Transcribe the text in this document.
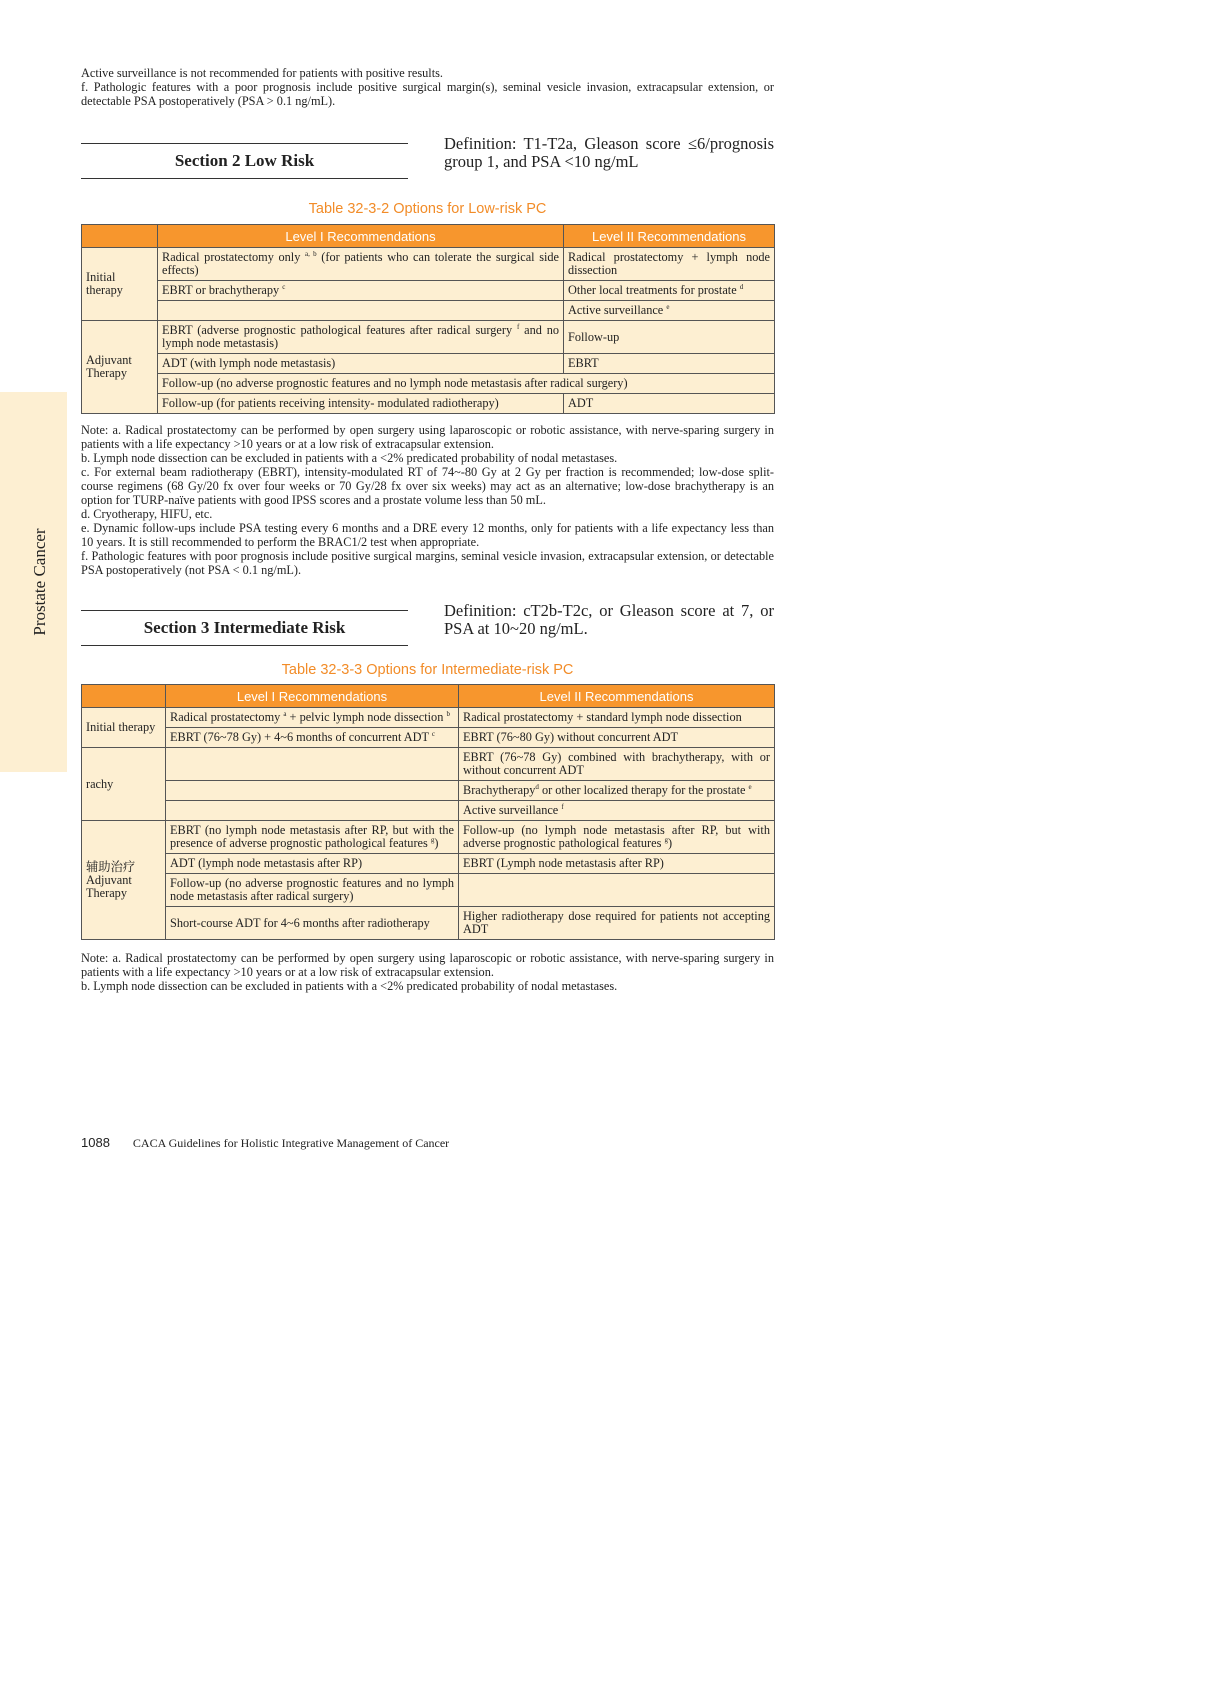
Prostate Cancer

Active surveillance is not recommended for patients with positive results.

f. Pathologic features with a poor prognosis include positive surgical margin(s), seminal vesicle invasion, extracapsular extension, or detectable PSA postoperatively (PSA > 0.1 ng/mL).

Section 2 Low Risk
Definition: T1-T2a, Gleason score ≤6/prognosis group 1, and PSA <10 ng/mL
Table 32-3-2 Options for Low-risk PC
	Level I Recommendations	Level II Recommendations
Initial therapy	Radical prostatectomy only $^{a, b}$ (for patients who can tolerate the surgical side effects)	Radical prostatectomy + lymph node dissection
	EBRT or brachytherapy $^c$	Other local treatments for prostate $^d$
		Active surveillance $^e$
Adjuvant Therapy	EBRT (adverse prognostic pathological features after radical surgery $^f$ and no lymph node metastasis)	Follow-up
	ADT (with lymph node metastasis)	EBRT
	Follow-up (no adverse prognostic features and no lymph node metastasis after radical surgery)	
	Follow-up (for patients receiving intensity- modulated radiotherapy)	ADT

Note: a. Radical prostatectomy can be performed by open surgery using laparoscopic or robotic assistance, with nerve-sparing surgery in patients with a life expectancy >10 years or at a low risk of extracapsular extension.

b. Lymph node dissection can be excluded in patients with a <2% predicated probability of nodal metastases.

c. For external beam radiotherapy (EBRT), intensity-modulated RT of 74~-80 Gy at 2 Gy per fraction is recommended; low-dose split-course regimens (68 Gy/20 fx over four weeks or 70 Gy/28 fx over six weeks) may act as an alternative; low-dose brachytherapy is an option for TURP-naïve patients with good IPSS scores and a prostate volume less than 50 mL.

d. Cryotherapy, HIFU, etc.

e. Dynamic follow-ups include PSA testing every 6 months and a DRE every 12 months, only for patients with a life expectancy less than 10 years. It is still recommended to perform the BRAC1/2 test when appropriate.

f. Pathologic features with poor prognosis include positive surgical margins, seminal vesicle invasion, extracapsular extension, or detectable PSA postoperatively (not PSA < 0.1 ng/mL).

Section 3 Intermediate Risk
Definition: cT2b-T2c, or Gleason score at 7, or PSA at 10~20 ng/mL.
Table 32-3-3 Options for Intermediate-risk PC
	Level I Recommendations	Level II Recommendations
Initial therapy	Radical prostatectomy $^a$ + pelvic lymph node dissection $^b$	Radical prostatectomy + standard lymph node dissection
	EBRT (76~78 Gy) + 4~6 months of concurrent ADT $^c$	EBRT (76~80 Gy) without concurrent ADT
rachy		EBRT (76~78 Gy) combined with brachytherapy, with or without concurrent ADT
		Brachytherapy$^d$ or other localized therapy for the prostate $^e$
		Active surveillance $^f$
辅助治疗
Adjuvant Therapy	EBRT (no lymph node metastasis after RP, but with the presence of adverse prognostic pathological features $^g$)	Follow-up (no lymph node metastasis after RP, but with adverse prognostic pathological features $^g$)
	ADT (lymph node metastasis after RP)	EBRT (Lymph node metastasis after RP)
	Follow-up (no adverse prognostic features and no lymph node metastasis after radical surgery)	
	Short-course ADT for 4~6 months after radiotherapy	Higher radiotherapy dose required for patients not accepting ADT

Note: a. Radical prostatectomy can be performed by open surgery using laparoscopic or robotic assistance, with nerve-sparing surgery in patients with a life expectancy >10 years or at a low risk of extracapsular extension.

b. Lymph node dissection can be excluded in patients with a <2% predicated probability of nodal metastases.

1088 CACA Guidelines for Holistic Integrative Management of Cancer
